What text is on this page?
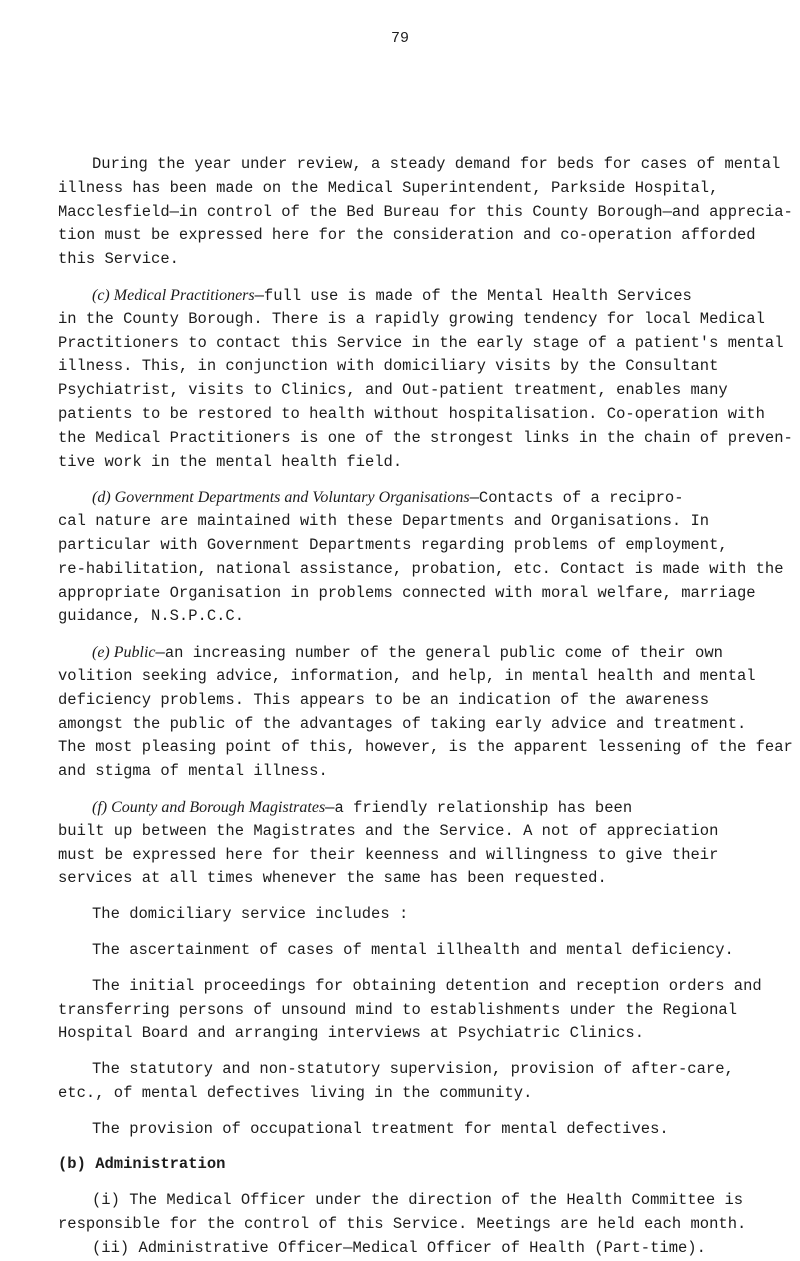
79
During the year under review, a steady demand for beds for cases of mental
illness has been made on the Medical Superintendent, Parkside Hospital,
Macclesfield—in control of the Bed Bureau for this County Borough—and apprecia-
tion must be expressed here for the consideration and co-operation afforded
this Service.
(c) Medical Practitioners—full use is made of the Mental Health Services
in the County Borough. There is a rapidly growing tendency for local Medical
Practitioners to contact this Service in the early stage of a patient's mental
illness. This, in conjunction with domiciliary visits by the Consultant
Psychiatrist, visits to Clinics, and Out-patient treatment, enables many
patients to be restored to health without hospitalisation. Co-operation with
the Medical Practitioners is one of the strongest links in the chain of preven-
tive work in the mental health field.
(d) Government Departments and Voluntary Organisations—Contacts of a recipro-
cal nature are maintained with these Departments and Organisations. In
particular with Government Departments regarding problems of employment,
re-habilitation, national assistance, probation, etc. Contact is made with the
appropriate Organisation in problems connected with moral welfare, marriage
guidance, N.S.P.C.C.
(e) Public—an increasing number of the general public come of their own
volition seeking advice, information, and help, in mental health and mental
deficiency problems. This appears to be an indication of the awareness
amongst the public of the advantages of taking early advice and treatment.
The most pleasing point of this, however, is the apparent lessening of the fear
and stigma of mental illness.
(f) County and Borough Magistrates—a friendly relationship has been
built up between the Magistrates and the Service. A not of appreciation
must be expressed here for their keenness and willingness to give their
services at all times whenever the same has been requested.
The domiciliary service includes :
The ascertainment of cases of mental illhealth and mental deficiency.
The initial proceedings for obtaining detention and reception orders and
transferring persons of unsound mind to establishments under the Regional
Hospital Board and arranging interviews at Psychiatric Clinics.
The statutory and non-statutory supervision, provision of after-care,
etc., of mental defectives living in the community.
The provision of occupational treatment for mental defectives.
(b) Administration
(i) The Medical Officer under the direction of the Health Committee is
responsible for the control of this Service. Meetings are held each month.
(ii) Administrative Officer—Medical Officer of Health (Part-time).
